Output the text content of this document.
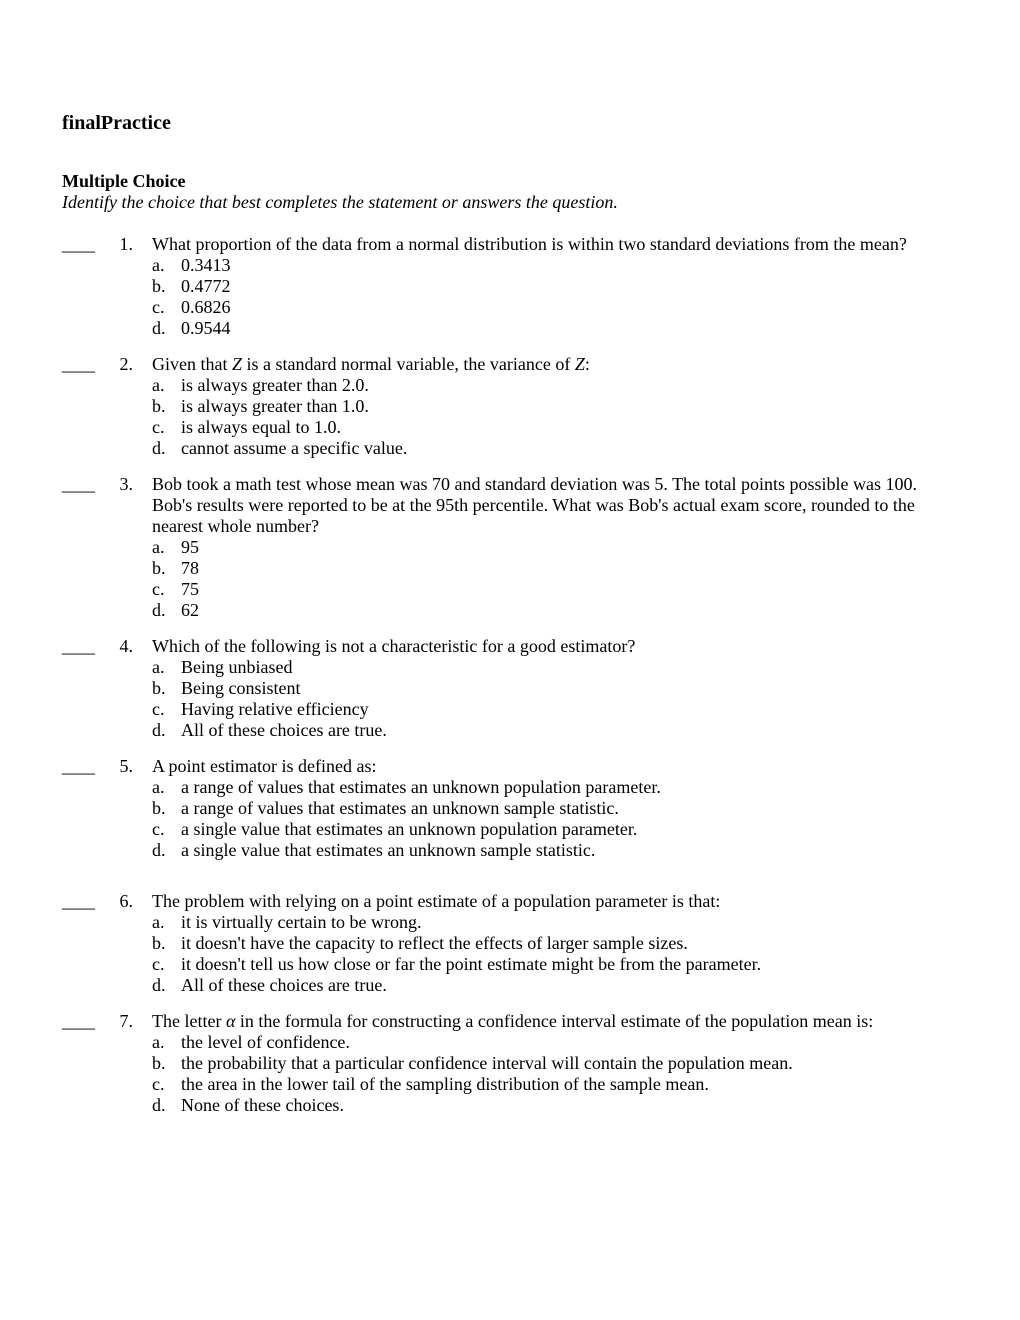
finalPractice
Multiple Choice
Identify the choice that best completes the statement or answers the question.
____	1.	What proportion of the data from a normal distribution is within two standard deviations from the mean?
a. 0.3413
b. 0.4772
c. 0.6826
d. 0.9544
____	2.	Given that Z is a standard normal variable, the variance of Z:
a. is always greater than 2.0.
b. is always greater than 1.0.
c. is always equal to 1.0.
d. cannot assume a specific value.
____	3.	Bob took a math test whose mean was 70 and standard deviation was 5. The total points possible was 100. Bob's results were reported to be at the 95th percentile. What was Bob's actual exam score, rounded to the nearest whole number?
a. 95
b. 78
c. 75
d. 62
____	4.	Which of the following is not a characteristic for a good estimator?
a. Being unbiased
b. Being consistent
c. Having relative efficiency
d. All of these choices are true.
____	5.	A point estimator is defined as:
a. a range of values that estimates an unknown population parameter.
b. a range of values that estimates an unknown sample statistic.
c. a single value that estimates an unknown population parameter.
d. a single value that estimates an unknown sample statistic.
____	6.	The problem with relying on a point estimate of a population parameter is that:
a. it is virtually certain to be wrong.
b. it doesn't have the capacity to reflect the effects of larger sample sizes.
c. it doesn't tell us how close or far the point estimate might be from the parameter.
d. All of these choices are true.
____	7.	The letter α in the formula for constructing a confidence interval estimate of the population mean is:
a. the level of confidence.
b. the probability that a particular confidence interval will contain the population mean.
c. the area in the lower tail of the sampling distribution of the sample mean.
d. None of these choices.
